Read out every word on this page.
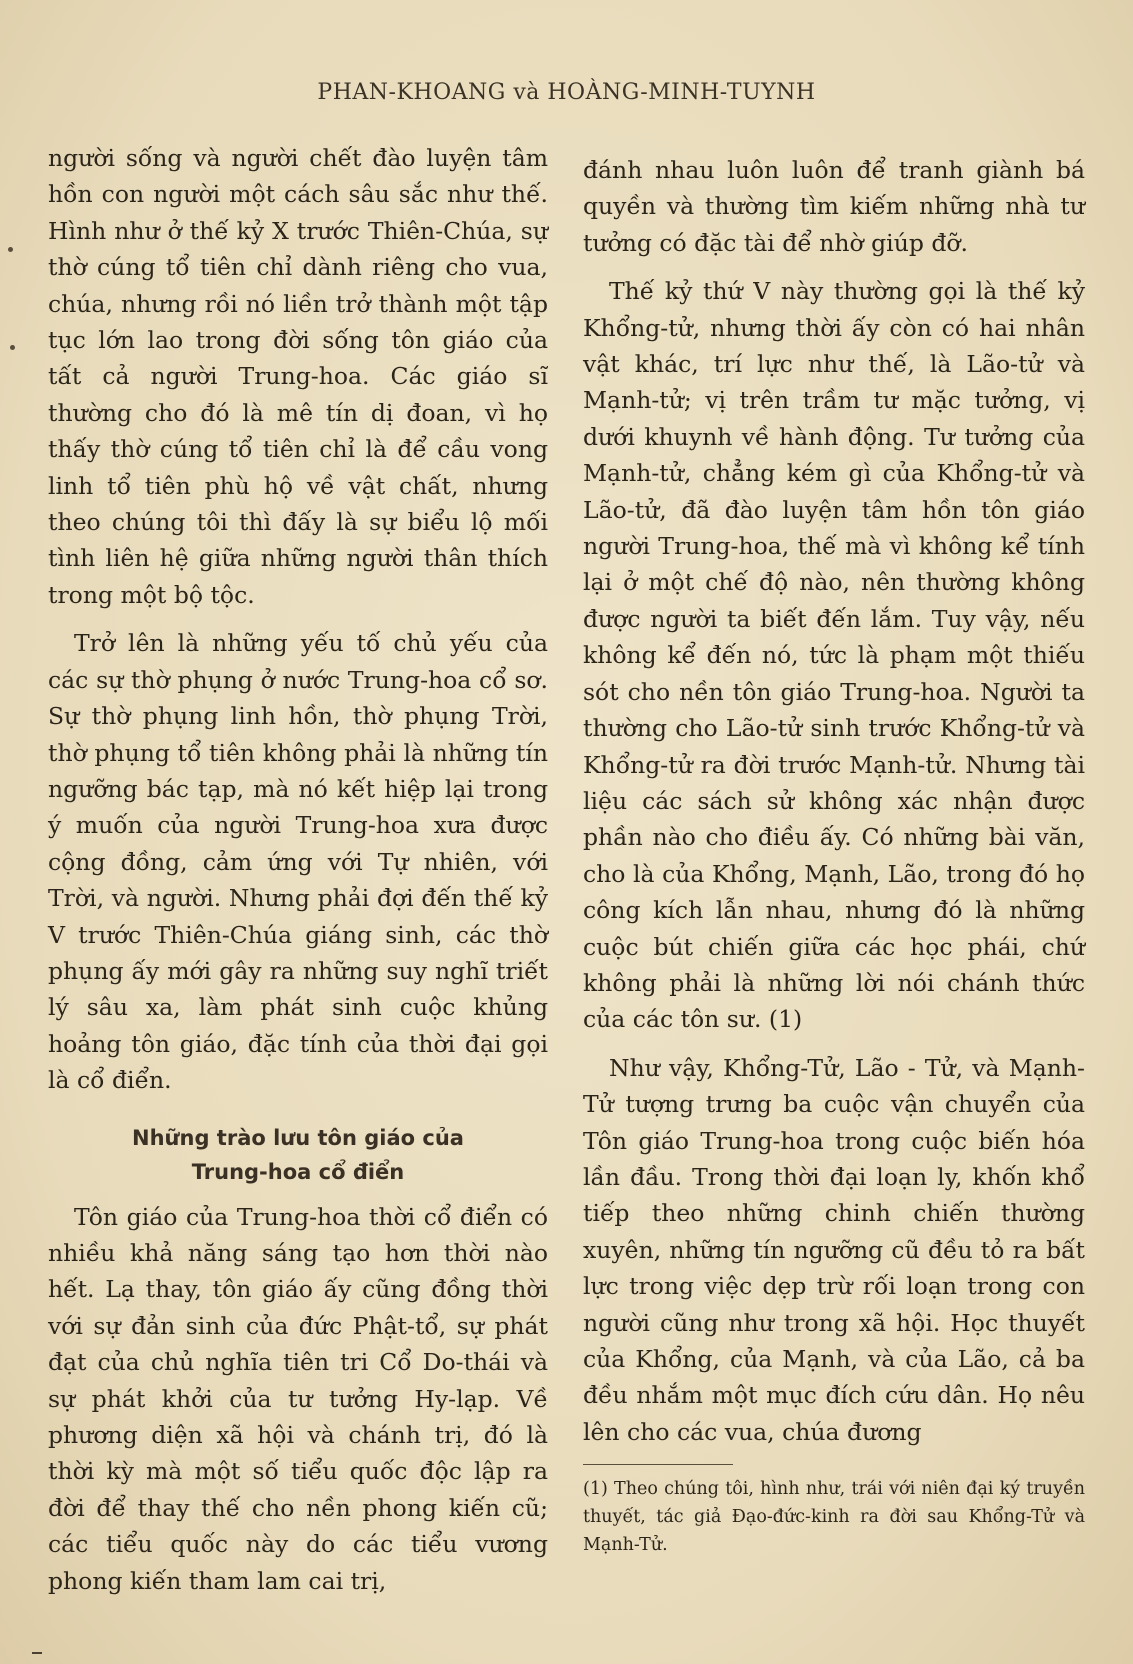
PHAN-KHOANG và HOÀNG-MINH-TUYNH

người sống và người chết đào luyện tâm hồn con người một cách sâu sắc như thế. Hình như ở thế kỷ X trước Thiên-Chúa, sự thờ cúng tổ tiên chỉ dành riêng cho vua, chúa, nhưng rồi nó liền trở thành một tập tục lớn lao trong đời sống tôn giáo của tất cả người Trung-hoa. Các giáo sĩ thường cho đó là mê tín dị đoan, vì họ thấy thờ cúng tổ tiên chỉ là để cầu vong linh tổ tiên phù hộ về vật chất, nhưng theo chúng tôi thì đấy là sự biểu lộ mối tình liên hệ giữa những người thân thích trong một bộ tộc.

Trở lên là những yếu tố chủ yếu của các sự thờ phụng ở nước Trung-hoa cổ sơ. Sự thờ phụng linh hồn, thờ phụng Trời, thờ phụng tổ tiên không phải là những tín ngưỡng bác tạp, mà nó kết hiệp lại trong ý muốn của người Trung-hoa xưa được cộng đồng, cảm ứng với Tự nhiên, với Trời, và người. Nhưng phải đợi đến thế kỷ V trước Thiên-Chúa giáng sinh, các thờ phụng ấy mới gây ra những suy nghĩ triết lý sâu xa, làm phát sinh cuộc khủng hoảng tôn giáo, đặc tính của thời đại gọi là cổ điển.

Những trào lưu tôn giáo của
Trung-hoa cổ điển

Tôn giáo của Trung-hoa thời cổ điển có nhiều khả năng sáng tạo hơn thời nào hết. Lạ thay, tôn giáo ấy cũng đồng thời với sự đản sinh của đức Phật-tổ, sự phát đạt của chủ nghĩa tiên tri Cổ Do-thái và sự phát khởi của tư tưởng Hy-lạp. Về phương diện xã hội và chánh trị, đó là thời kỳ mà một số tiểu quốc độc lập ra đời để thay thế cho nền phong kiến cũ; các tiểu quốc này do các tiểu vương phong kiến tham lam cai trị,

đánh nhau luôn luôn để tranh giành bá quyền và thường tìm kiếm những nhà tư tưởng có đặc tài để nhờ giúp đỡ.

Thế kỷ thứ V này thường gọi là thế kỷ Khổng-tử, nhưng thời ấy còn có hai nhân vật khác, trí lực như thế, là Lão-tử và Mạnh-tử; vị trên trầm tư mặc tưởng, vị dưới khuynh về hành động. Tư tưởng của Mạnh-tử, chẳng kém gì của Khổng-tử và Lão-tử, đã đào luyện tâm hồn tôn giáo người Trung-hoa, thế mà vì không kể tính lại ở một chế độ nào, nên thường không được người ta biết đến lắm. Tuy vậy, nếu không kể đến nó, tức là phạm một thiếu sót cho nền tôn giáo Trung-hoa. Người ta thường cho Lão-tử sinh trước Khổng-tử và Khổng-tử ra đời trước Mạnh-tử. Nhưng tài liệu các sách sử không xác nhận được phần nào cho điều ấy. Có những bài văn, cho là của Khổng, Mạnh, Lão, trong đó họ công kích lẫn nhau, nhưng đó là những cuộc bút chiến giữa các học phái, chứ không phải là những lời nói chánh thức của các tôn sư. (1)

Như vậy, Khổng-Tử, Lão - Tử, và Mạnh-Tử tượng trưng ba cuộc vận chuyển của Tôn giáo Trung-hoa trong cuộc biến hóa lần đầu. Trong thời đại loạn ly, khốn khổ tiếp theo những chinh chiến thường xuyên, những tín ngưỡng cũ đều tỏ ra bất lực trong việc dẹp trừ rối loạn trong con người cũng như trong xã hội. Học thuyết của Khổng, của Mạnh, và của Lão, cả ba đều nhắm một mục đích cứu dân. Họ nêu lên cho các vua, chúa đương

(1) Theo chúng tôi, hình như, trái với niên đại ký truyền thuyết, tác giả Đạo-đức-kinh ra đời sau Khổng-Tử và Mạnh-Tử.
